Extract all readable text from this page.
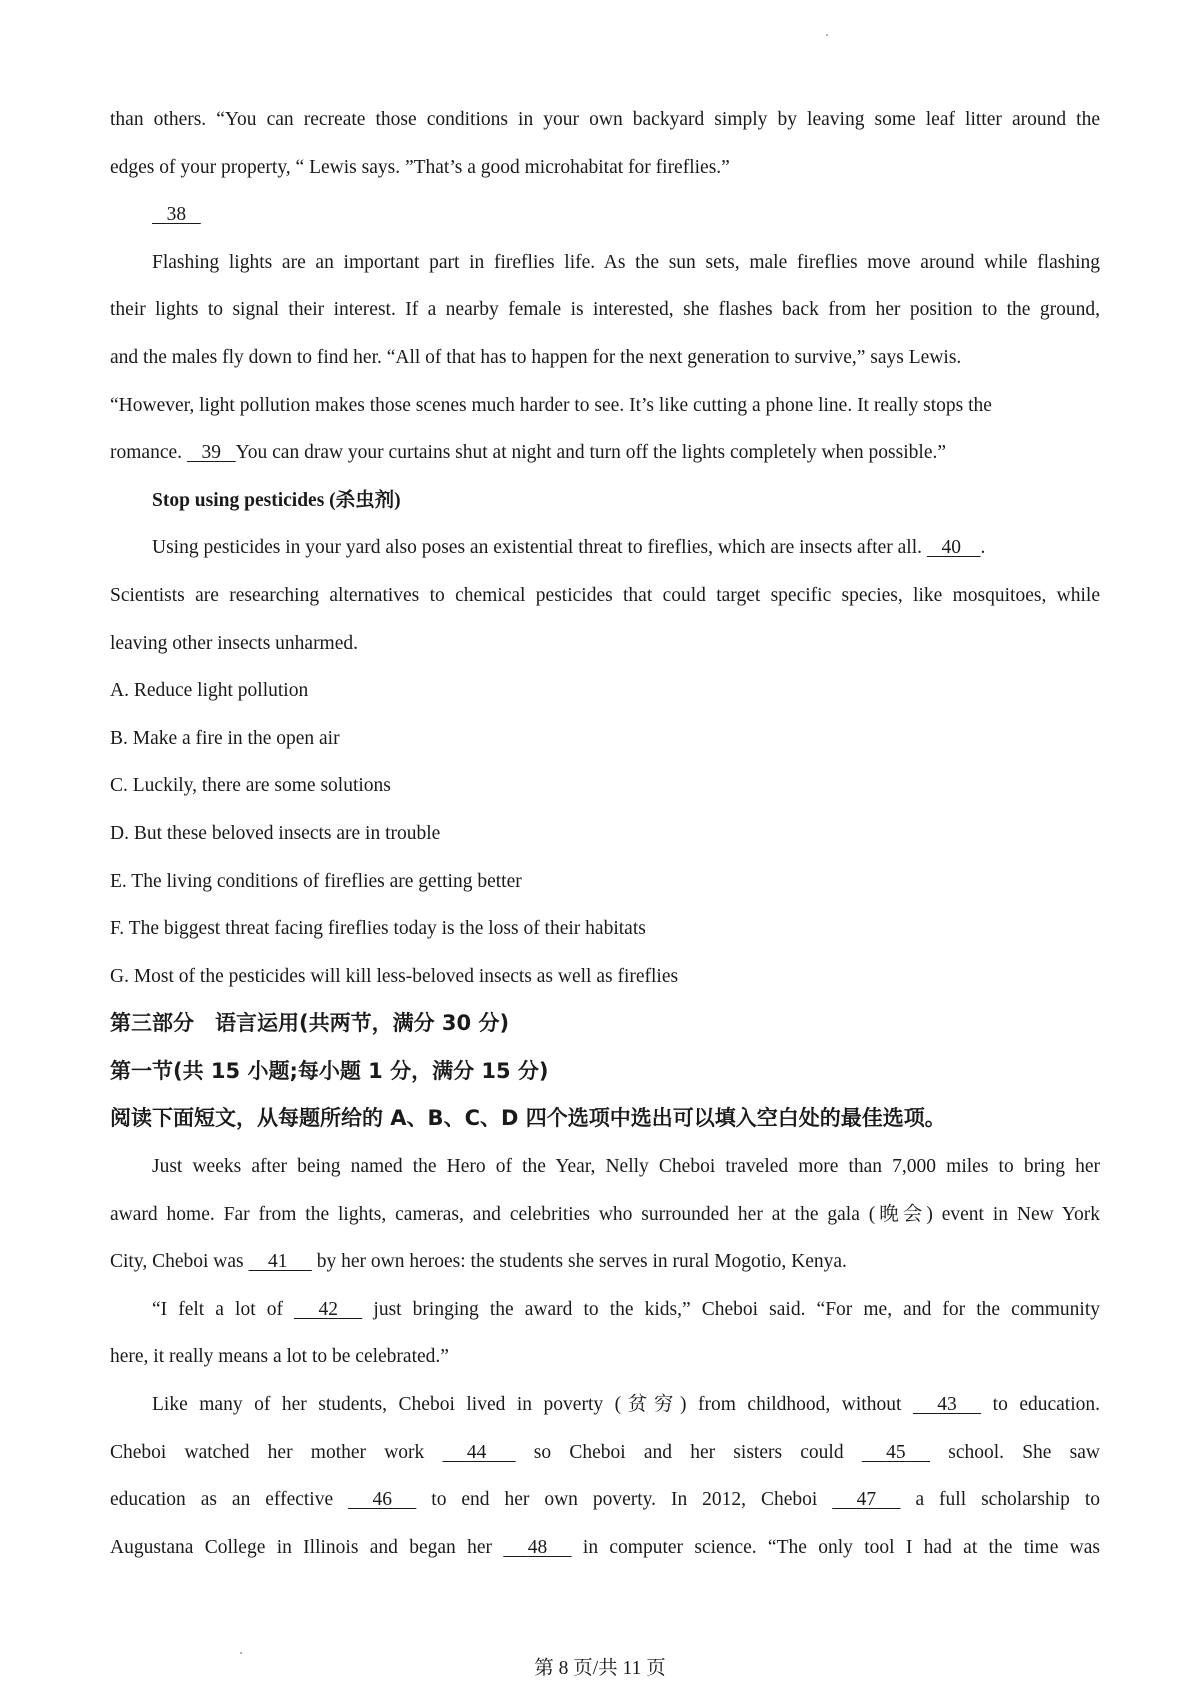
than others. “You can recreate those conditions in your own backyard simply by leaving some leaf litter around the
edges of your property, “ Lewis says. ”That’s a good microhabitat for fireflies.”
38
Flashing lights are an important part in fireflies life. As the sun sets, male fireflies move around while flashing
their lights to signal their interest. If a nearby female is interested, she flashes back from her position to the ground,
and the males fly down to find her. “All of that has to happen for the next generation to survive,” says Lewis.
“However, light pollution makes those scenes much harder to see. It’s like cutting a phone line. It really stops the
romance.    39 You can draw your curtains shut at night and turn off the lights completely when possible.”
Stop using pesticides (杀虫剂)
Using pesticides in your yard also poses an existential threat to fireflies, which are insects after all.    40 .
Scientists are researching alternatives to chemical pesticides that could target specific species, like mosquitoes, while
leaving other insects unharmed.
A. Reduce light pollution
B. Make a fire in the open air
C. Luckily, there are some solutions
D. But these beloved insects are in trouble
E. The living conditions of fireflies are getting better
F. The biggest threat facing fireflies today is the loss of their habitats
G. Most of the pesticides will kill less-beloved insects as well as fireflies
第三部分　语言运用(共两节，满分 30 分)
第一节(共 15 小题;每小题 1 分，满分 15 分)
阅读下面短文，从每题所给的 A、B、C、D 四个选项中选出可以填入空白处的最佳选项。
Just weeks after being named the Hero of the Year, Nelly Cheboi traveled more than 7,000 miles to bring her
award home. Far from the lights, cameras, and celebrities who surrounded her at the gala (晚会) event in New York
City, Cheboi was     41      by her own heroes: the students she serves in rural Mogotio, Kenya.
“I felt a lot of      42      just bringing the award to the kids,” Cheboi said. “For me, and for the community
here, it really means a lot to be celebrated.”
Like many of her students, Cheboi lived in poverty (贫穷) from childhood, without      43      to education.
Cheboi watched her mother work      44       so Cheboi and her sisters could      45      school. She saw
education as an effective      46      to end her own poverty. In 2012, Cheboi      47      a full scholarship to
Augustana College in Illinois and began her      48      in computer science. “The only tool I had at the time was
第 8 页/共 11 页
